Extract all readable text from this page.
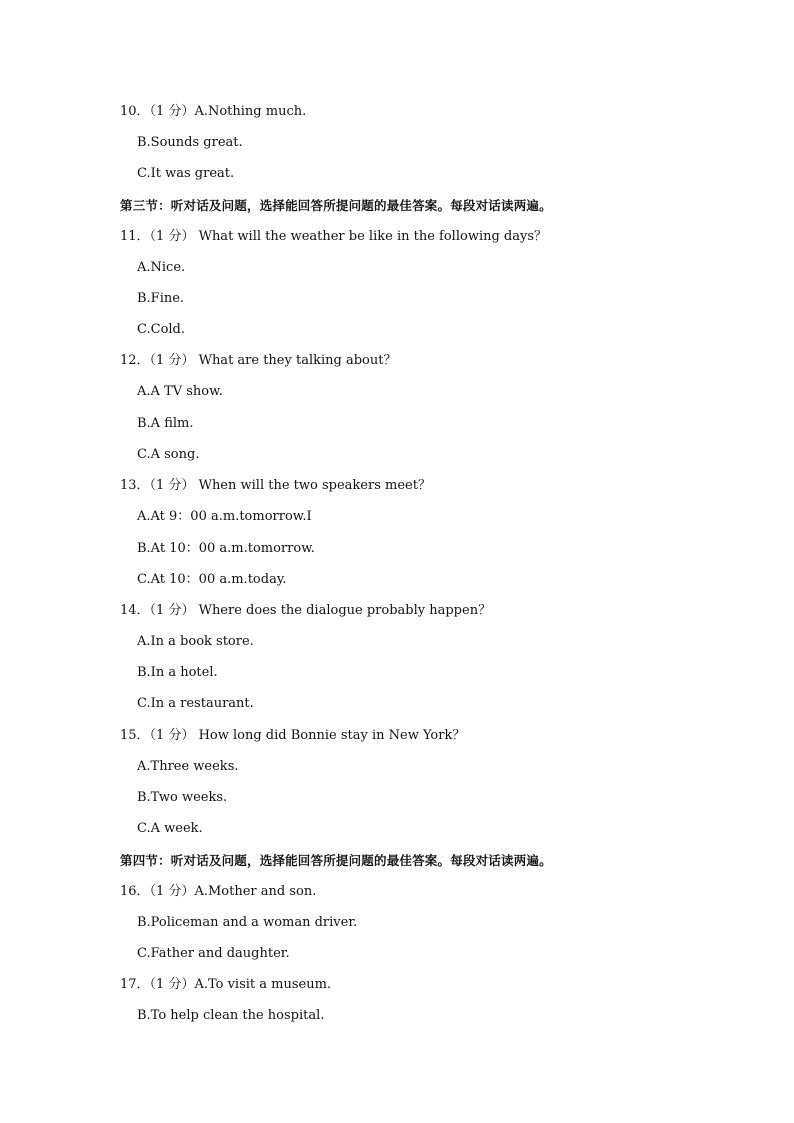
10．（1 分）A.Nothing much.
B.Sounds great.
C.It was great.
第三节：听对话及问题，选择能回答所提问题的最佳答案。每段对话读两遍。
11．（1 分） What will the weather be like in the following days？
A.Nice.
B.Fine.
C.Cold.
12．（1 分） What are they talking about？
A.A TV show.
B.A film.
C.A song.
13．（1 分） When will the two speakers meet？
A.At 9：00 a.m.tomorrow.I
B.At 10：00 a.m.tomorrow.
C.At 10：00 a.m.today.
14．（1 分） Where does the dialogue probably happen？
A.In a book store.
B.In a hotel.
C.In a restaurant.
15．（1 分） How long did Bonnie stay in New York？
A.Three weeks.
B.Two weeks.
C.A week.
第四节：听对话及问题，选择能回答所提问题的最佳答案。每段对话读两遍。
16．（1 分）A.Mother and son.
B.Policeman and a woman driver.
C.Father and daughter.
17．（1 分）A.To visit a museum.
B.To help clean the hospital.
